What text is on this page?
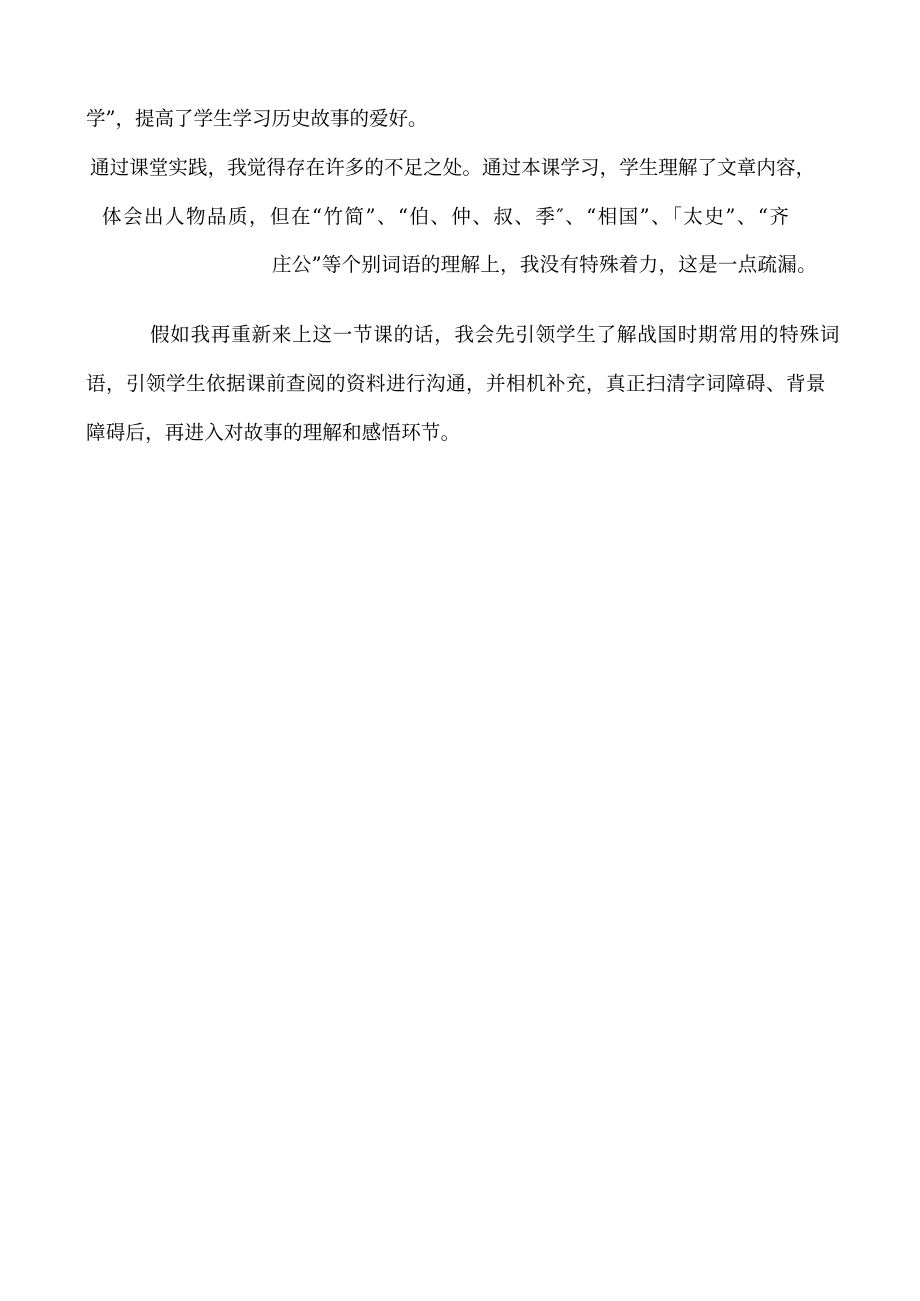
学”，提高了学生学习历史故事的爱好。

通过课堂实践，我觉得存在许多的不足之处。通过本课学习，学生理解了文章内容，

体会出人物品质，但在“竹简”、“伯、仲、叔、季″、“相国”、「太史”、“齐

庄公”等个别词语的理解上，我没有特殊着力，这是一点疏漏。

假如我再重新来上这一节课的话，我会先引领学生了解战国时期常用的特殊词

语，引领学生依据课前查阅的资料进行沟通，并相机补充，真正扫清字词障碍、背景

障碍后，再进入对故事的理解和感悟环节。
